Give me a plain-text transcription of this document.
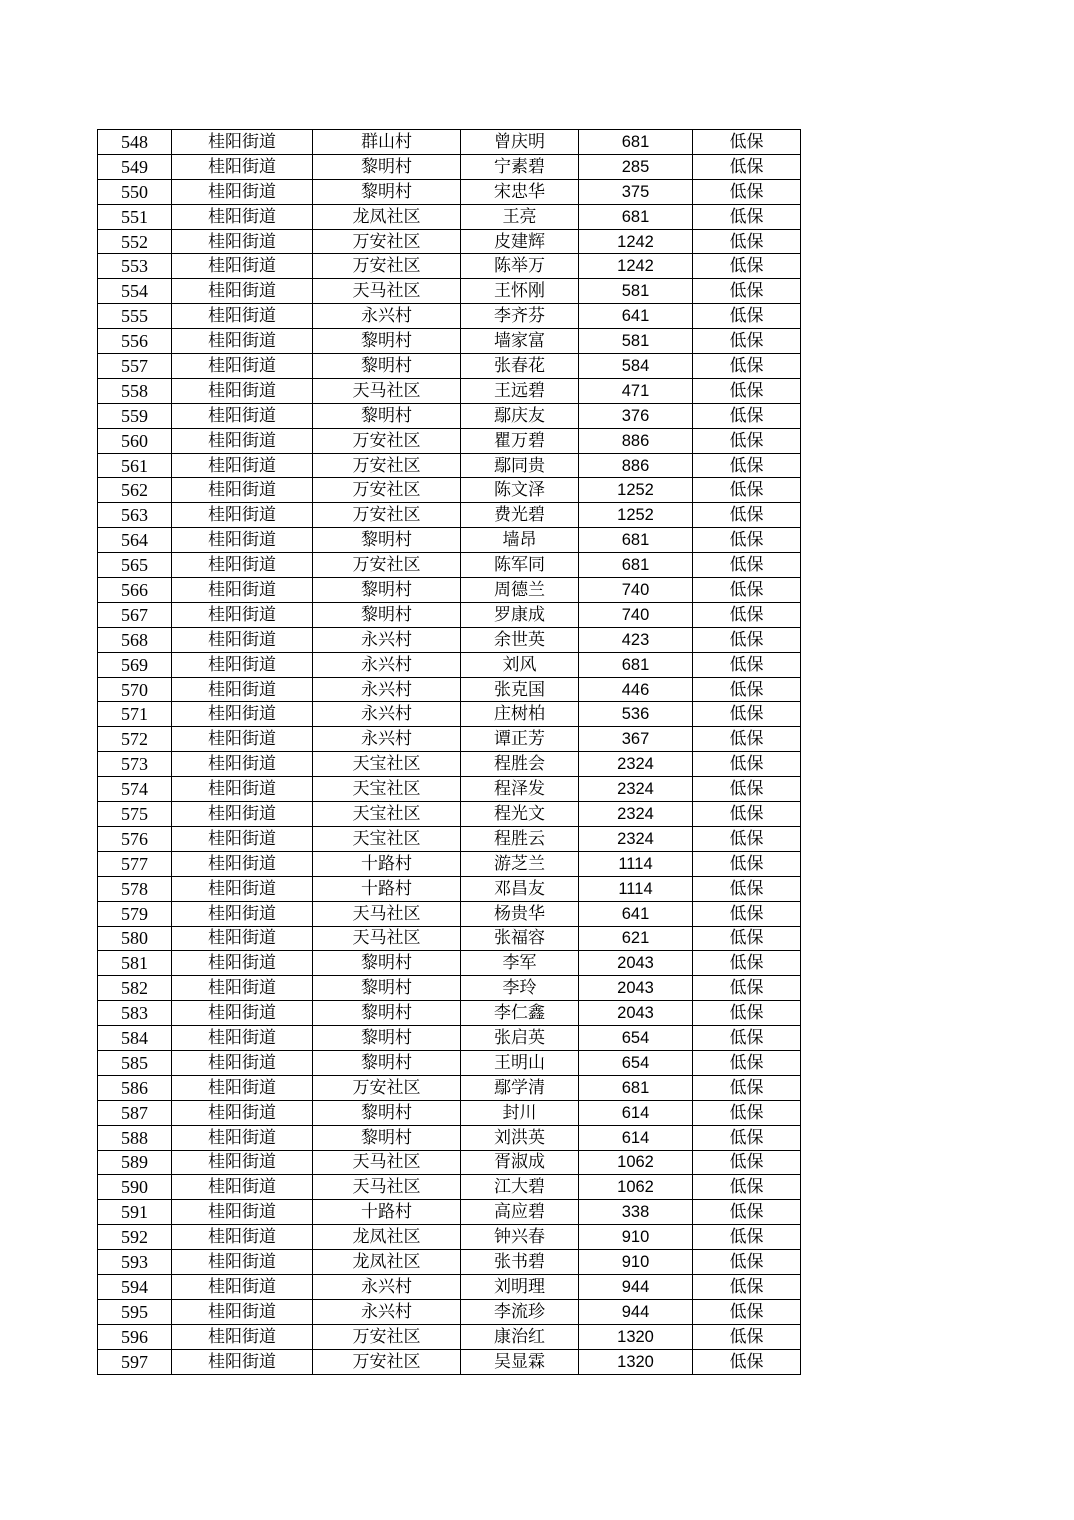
548	桂阳街道	群山村	曾庆明	681	低保
549	桂阳街道	黎明村	宁素碧	285	低保
550	桂阳街道	黎明村	宋忠华	375	低保
551	桂阳街道	龙凤社区	王亮	681	低保
552	桂阳街道	万安社区	皮建辉	1242	低保
553	桂阳街道	万安社区	陈举万	1242	低保
554	桂阳街道	天马社区	王怀刚	581	低保
555	桂阳街道	永兴村	李齐芬	641	低保
556	桂阳街道	黎明村	墙家富	581	低保
557	桂阳街道	黎明村	张春花	584	低保
558	桂阳街道	天马社区	王远碧	471	低保
559	桂阳街道	黎明村	鄢庆友	376	低保
560	桂阳街道	万安社区	瞿万碧	886	低保
561	桂阳街道	万安社区	鄢同贵	886	低保
562	桂阳街道	万安社区	陈文泽	1252	低保
563	桂阳街道	万安社区	费光碧	1252	低保
564	桂阳街道	黎明村	墙昂	681	低保
565	桂阳街道	万安社区	陈军同	681	低保
566	桂阳街道	黎明村	周德兰	740	低保
567	桂阳街道	黎明村	罗康成	740	低保
568	桂阳街道	永兴村	余世英	423	低保
569	桂阳街道	永兴村	刘风	681	低保
570	桂阳街道	永兴村	张克国	446	低保
571	桂阳街道	永兴村	庄树柏	536	低保
572	桂阳街道	永兴村	谭正芳	367	低保
573	桂阳街道	天宝社区	程胜会	2324	低保
574	桂阳街道	天宝社区	程泽发	2324	低保
575	桂阳街道	天宝社区	程光文	2324	低保
576	桂阳街道	天宝社区	程胜云	2324	低保
577	桂阳街道	十路村	游芝兰	1114	低保
578	桂阳街道	十路村	邓昌友	1114	低保
579	桂阳街道	天马社区	杨贵华	641	低保
580	桂阳街道	天马社区	张福容	621	低保
581	桂阳街道	黎明村	李军	2043	低保
582	桂阳街道	黎明村	李玲	2043	低保
583	桂阳街道	黎明村	李仁鑫	2043	低保
584	桂阳街道	黎明村	张启英	654	低保
585	桂阳街道	黎明村	王明山	654	低保
586	桂阳街道	万安社区	鄢学清	681	低保
587	桂阳街道	黎明村	封川	614	低保
588	桂阳街道	黎明村	刘洪英	614	低保
589	桂阳街道	天马社区	胥淑成	1062	低保
590	桂阳街道	天马社区	江大碧	1062	低保
591	桂阳街道	十路村	高应碧	338	低保
592	桂阳街道	龙凤社区	钟兴春	910	低保
593	桂阳街道	龙凤社区	张书碧	910	低保
594	桂阳街道	永兴村	刘明理	944	低保
595	桂阳街道	永兴村	李流珍	944	低保
596	桂阳街道	万安社区	康治红	1320	低保
597	桂阳街道	万安社区	吴显霖	1320	低保
